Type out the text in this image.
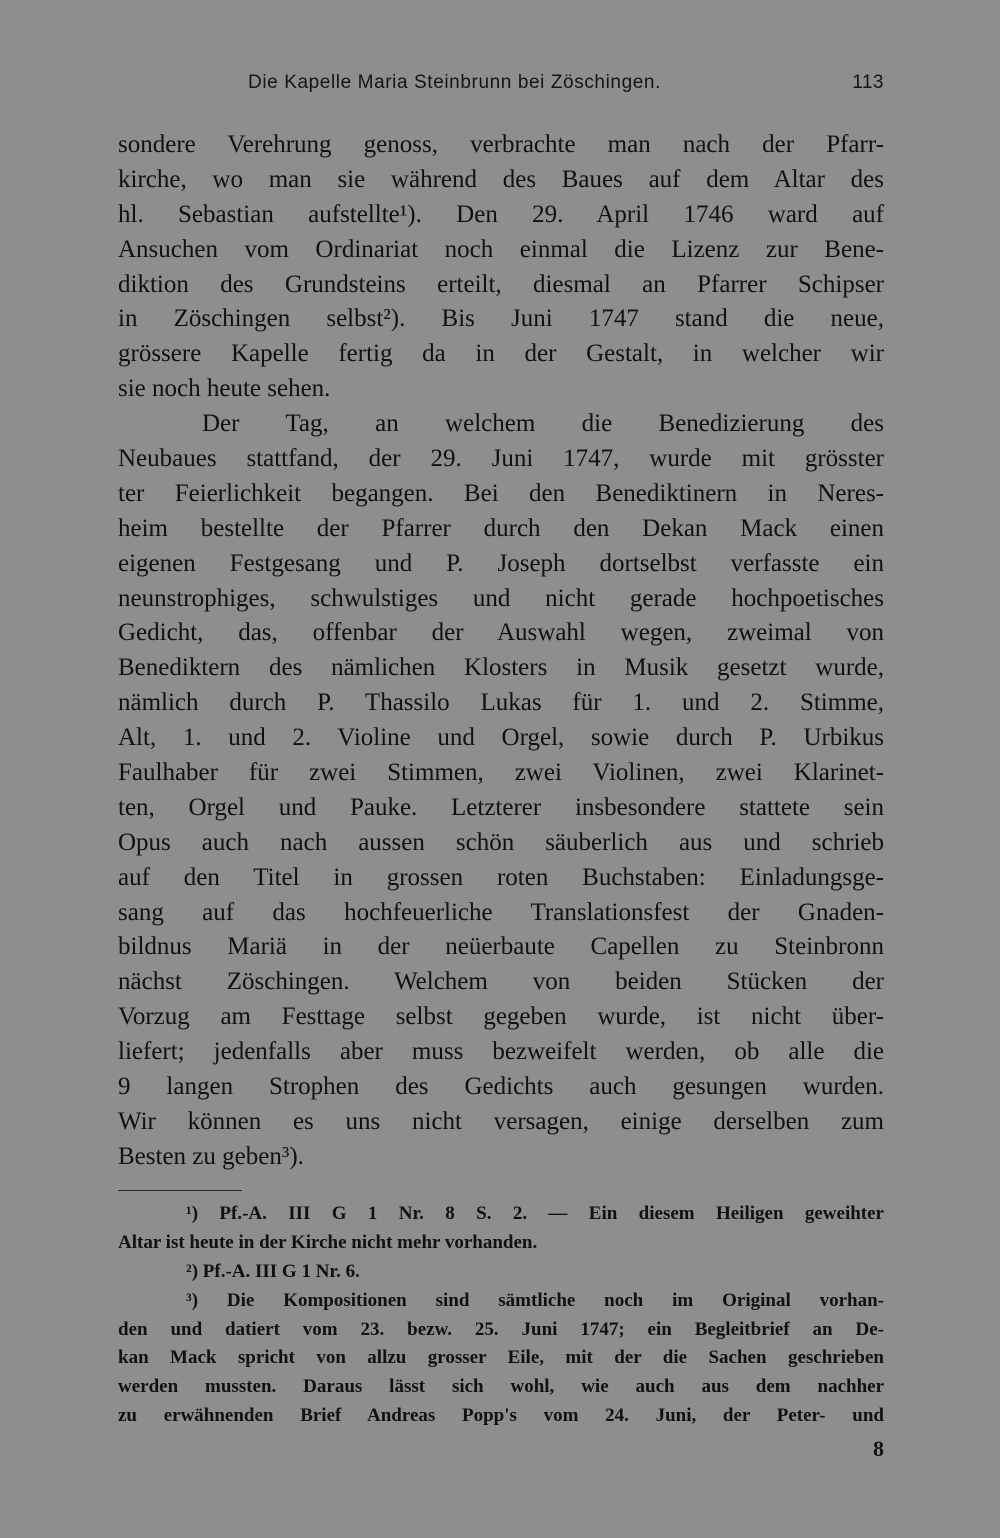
Die Kapelle Maria Steinbrunn bei Zöschingen.	113
sondere Verehrung genoss, verbrachte man nach der Pfarr-
kirche, wo man sie während des Baues auf dem Altar des
hl. Sebastian aufstellte¹). Den 29. April 1746 ward auf
Ansuchen vom Ordinariat noch einmal die Lizenz zur Bene-
diktion des Grundsteins erteilt, diesmal an Pfarrer Schipser
in Zöschingen selbst²). Bis Juni 1747 stand die neue,
grössere Kapelle fertig da in der Gestalt, in welcher wir
sie noch heute sehen.
Der Tag, an welchem die Benedizierung des
Neubaues stattfand, der 29. Juni 1747, wurde mit grösster
ter Feierlichkeit begangen. Bei den Benediktinern in Neres-
heim bestellte der Pfarrer durch den Dekan Mack einen
eigenen Festgesang und P. Joseph dortselbst verfasste ein
neunstrophiges, schwulstiges und nicht gerade hochpoetisches
Gedicht, das, offenbar der Auswahl wegen, zweimal von
Benediktern des nämlichen Klosters in Musik gesetzt wurde,
nämlich durch P. Thassilo Lukas für 1. und 2. Stimme,
Alt, 1. und 2. Violine und Orgel, sowie durch P. Urbikus
Faulhaber für zwei Stimmen, zwei Violinen, zwei Klarinet-
ten, Orgel und Pauke. Letzterer insbesondere stattete sein
Opus auch nach aussen schön säuberlich aus und schrieb
auf den Titel in grossen roten Buchstaben: Einladungsge-
sang auf das hochfeuerliche Translationsfest der Gnaden-
bildnus Mariä in der neüerbaute Capellen zu Steinbronn
nächst Zöschingen. Welchem von beiden Stücken der
Vorzug am Festtage selbst gegeben wurde, ist nicht über-
liefert; jedenfalls aber muss bezweifelt werden, ob alle die
9 langen Strophen des Gedichts auch gesungen wurden.
Wir können es uns nicht versagen, einige derselben zum
Besten zu geben³).
¹) Pf.-A. III G 1 Nr. 8 S. 2. — Ein diesem Heiligen geweihter
Altar ist heute in der Kirche nicht mehr vorhanden.
²) Pf.-A. III G 1 Nr. 6.
³) Die Kompositionen sind sämtliche noch im Original vorhan-
den und datiert vom 23. bezw. 25. Juni 1747; ein Begleitbrief an De-
kan Mack spricht von allzu grosser Eile, mit der die Sachen geschrieben
werden mussten. Daraus lässt sich wohl, wie auch aus dem nachher
zu erwähnenden Brief Andreas Popp's vom 24. Juni, der Peter- und
8
